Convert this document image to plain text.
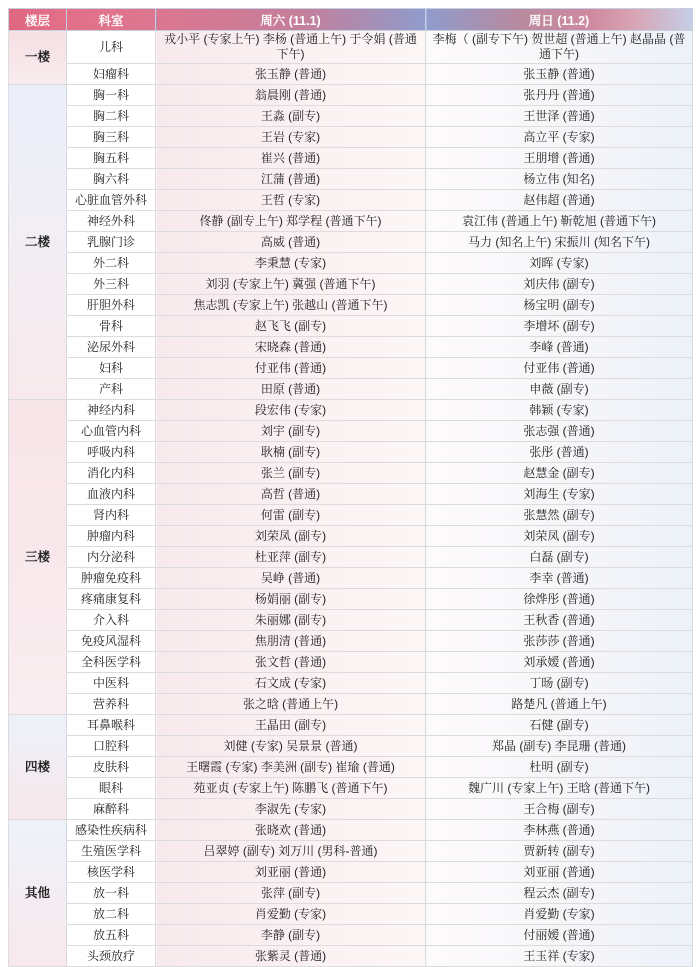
楼层	科室	周六 (11.1)	周日 (11.2)
一楼	儿科	戎小平 (专家上午) 李杨 (普通上午) 于令娟 (普通下午)	李梅（ (副专下午) 贺世超 (普通上午) 赵晶晶 (普通下午)
	妇瘤科	张玉静 (普通)	张玉静 (普通)
二楼	胸一科	翁晨刚 (普通)	张丹丹 (普通)
	胸二科	王淼 (副专)	王世泽 (普通)
	胸三科	王岩 (专家)	高立平 (专家)
	胸五科	崔兴 (普通)	王朋增 (普通)
	胸六科	江蒲 (普通)	杨立伟 (知名)
	心脏血管外科	王哲 (专家)	赵伟超 (普通)
	神经外科	佟静 (副专上午) 郑学程 (普通下午)	袁江伟 (普通上午) 靳乾旭 (普通下午)
	乳腺门诊	高威 (普通)	马力 (知名上午) 宋振川 (知名下午)
	外二科	李秉慧 (专家)	刘晖 (专家)
	外三科	刘羽 (专家上午) 冀强 (普通下午)	刘庆伟 (副专)
	肝胆外科	焦志凯 (专家上午) 张越山 (普通下午)	杨宝明 (副专)
	骨科	赵飞飞 (副专)	李增坏 (副专)
	泌尿外科	宋晓森 (普通)	李峰 (普通)
	妇科	付亚伟 (普通)	付亚伟 (普通)
	产科	田原 (普通)	申薇 (副专)
三楼	神经内科	段宏伟 (专家)	韩颖 (专家)
	心血管内科	刘宇 (副专)	张志强 (普通)
	呼吸内科	耿楠 (副专)	张彤 (普通)
	消化内科	张兰 (副专)	赵慧金 (副专)
	血液内科	高哲 (普通)	刘海生 (专家)
	肾内科	何雷 (副专)	张慧然 (副专)
	肿瘤内科	刘荣凤 (副专)	刘荣凤 (副专)
	内分泌科	杜亚萍 (副专)	白磊 (副专)
	肿瘤免疫科	吴峥 (普通)	李幸 (普通)
	疼痛康复科	杨娟丽 (副专)	徐烨彤 (普通)
	介入科	朱丽娜 (副专)	王秋香 (普通)
	免疫风湿科	焦朋清 (普通)	张莎莎 (普通)
	全科医学科	张文哲 (普通)	刘承嫒 (普通)
	中医科	石文成 (专家)	丁旸 (副专)
	营养科	张之晗 (普通上午)	路楚凡 (普通上午)
四楼	耳鼻喉科	王晶田 (副专)	石健 (副专)
	口腔科	刘健 (专家) 吴景景 (普通)	郑晶 (副专) 李昆珊 (普通)
	皮肤科	王曙霞 (专家) 李美洲 (副专) 崔瑜 (普通)	杜明 (副专)
	眼科	苑亚贞 (专家上午) 陈鹏飞 (普通下午)	魏广川 (专家上午) 王晗 (普通下午)
	麻醉科	李淑先 (专家)	王合梅 (副专)
其他	感染性疾病科	张晓欢 (普通)	李林燕 (普通)
	生殖医学科	吕翠婷 (副专) 刘万川 (男科-普通)	贾新转 (副专)
	核医学科	刘亚丽 (普通)	刘亚丽 (普通)
	放一科	张萍 (副专)	程云杰 (副专)
	放二科	肖爱勤 (专家)	肖爱勤 (专家)
	放五科	李静 (副专)	付丽嫒 (普通)
	头颈放疗	张紫灵 (普通)	王玉祥 (专家)
